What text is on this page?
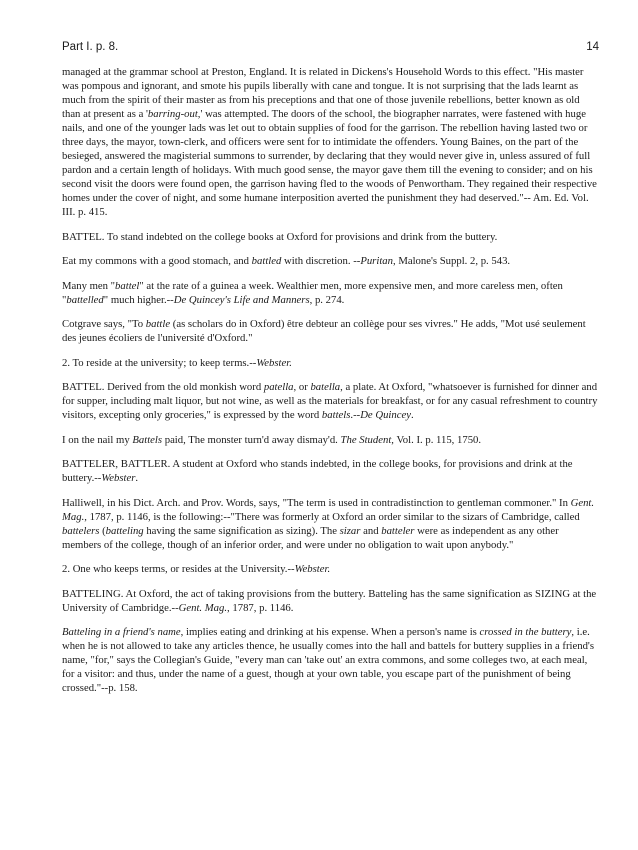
Part I. p. 8.	14

managed at the grammar school at Preston, England. It is related in Dickens's Household Words to this effect. "His master was pompous and ignorant, and smote his pupils liberally with cane and tongue. It is not surprising that the lads learnt as much from the spirit of their master as from his preceptions and that one of those juvenile rebellions, better known as old than at present as a 'barring-out,' was attempted. The doors of the school, the biographer narrates, were fastened with huge nails, and one of the younger lads was let out to obtain supplies of food for the garrison. The rebellion having lasted two or three days, the mayor, town-clerk, and officers were sent for to intimidate the offenders. Young Baines, on the part of the besieged, answered the magisterial summons to surrender, by declaring that they would never give in, unless assured of full pardon and a certain length of holidays. With much good sense, the mayor gave them till the evening to consider; and on his second visit the doors were found open, the garrison having fled to the woods of Penwortham. They regained their respective homes under the cover of night, and some humane interposition averted the punishment they had deserved."-- Am. Ed. Vol. III. p. 415.

BATTEL. To stand indebted on the college books at Oxford for provisions and drink from the buttery.

Eat my commons with a good stomach, and battled with discretion. --Puritan, Malone's Suppl. 2, p. 543.

Many men "battel" at the rate of a guinea a week. Wealthier men, more expensive men, and more careless men, often "battelled" much higher.--De Quincey's Life and Manners, p. 274.

Cotgrave says, "To battle (as scholars do in Oxford) être debteur an collège pour ses vivres." He adds, "Mot usé seulement des jeunes écoliers de l'université d'Oxford."

2. To reside at the university; to keep terms.--Webster.

BATTEL. Derived from the old monkish word patella, or batella, a plate. At Oxford, "whatsoever is furnished for dinner and for supper, including malt liquor, but not wine, as well as the materials for breakfast, or for any casual refreshment to country visitors, excepting only groceries," is expressed by the word battels.--De Quincey.

I on the nail my Battels paid, The monster turn'd away dismay'd. The Student, Vol. I. p. 115, 1750.

BATTELER, BATTLER. A student at Oxford who stands indebted, in the college books, for provisions and drink at the buttery.--Webster.

Halliwell, in his Dict. Arch. and Prov. Words, says, "The term is used in contradistinction to gentleman commoner." In Gent. Mag., 1787, p. 1146, is the following:--"There was formerly at Oxford an order similar to the sizars of Cambridge, called battelers (batteling having the same signification as sizing). The sizar and batteler were as independent as any other members of the college, though of an inferior order, and were under no obligation to wait upon anybody."

2. One who keeps terms, or resides at the University.--Webster.

BATTELING. At Oxford, the act of taking provisions from the buttery. Batteling has the same signification as SIZING at the University of Cambridge.--Gent. Mag., 1787, p. 1146.

Batteling in a friend's name, implies eating and drinking at his expense. When a person's name is crossed in the buttery, i.e. when he is not allowed to take any articles thence, he usually comes into the hall and battels for buttery supplies in a friend's name, "for," says the Collegian's Guide, "every man can 'take out' an extra commons, and some colleges two, at each meal, for a visitor: and thus, under the name of a guest, though at your own table, you escape part of the punishment of being crossed."--p. 158.
